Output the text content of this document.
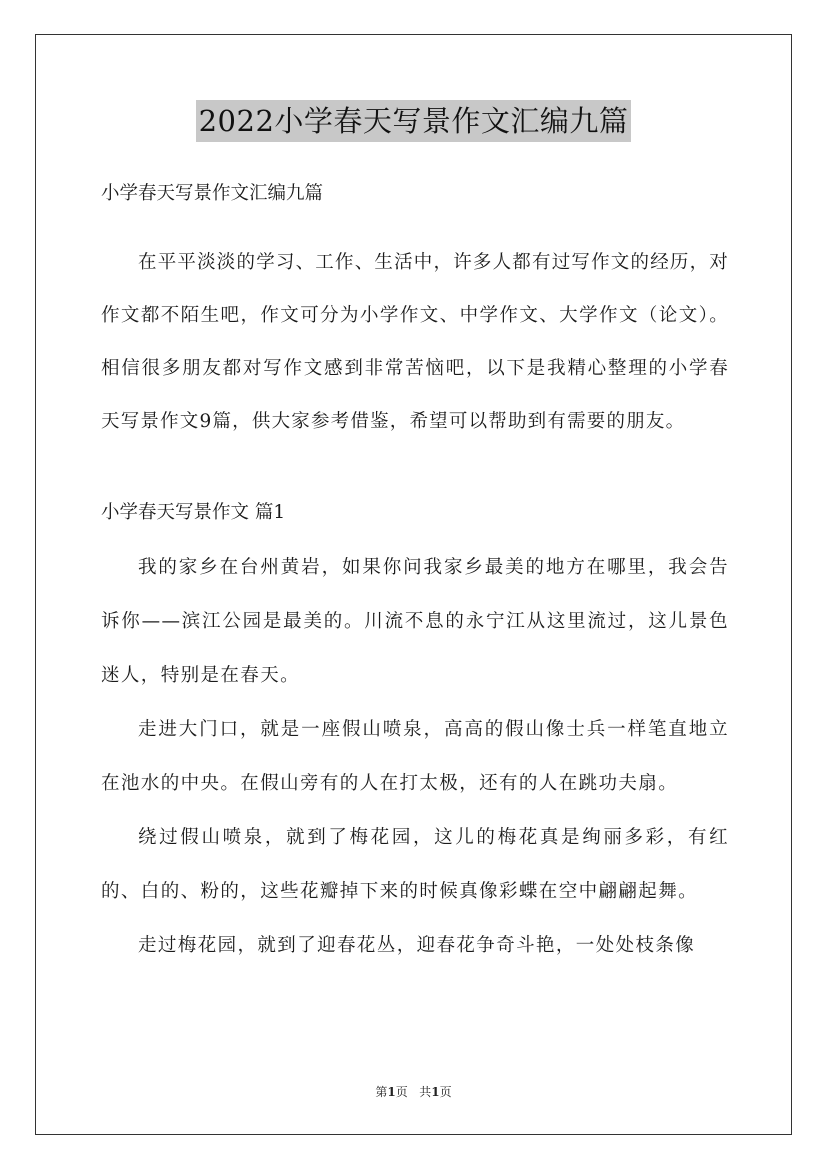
2022小学春天写景作文汇编九篇

小学春天写景作文汇编九篇

在平平淡淡的学习、工作、生活中，许多人都有过写作文的经历，对作文都不陌生吧，作文可分为小学作文、中学作文、大学作文（论文）。相信很多朋友都对写作文感到非常苦恼吧，以下是我精心整理的小学春天写景作文9篇，供大家参考借鉴，希望可以帮助到有需要的朋友。

小学春天写景作文 篇1

我的家乡在台州黄岩，如果你问我家乡最美的地方在哪里，我会告诉你——滨江公园是最美的。川流不息的永宁江从这里流过，这儿景色迷人，特别是在春天。

走进大门口，就是一座假山喷泉，高高的假山像士兵一样笔直地立在池水的中央。在假山旁有的人在打太极，还有的人在跳功夫扇。

绕过假山喷泉，就到了梅花园，这儿的梅花真是绚丽多彩，有红的、白的、粉的，这些花瓣掉下来的时候真像彩蝶在空中翩翩起舞。

走过梅花园，就到了迎春花丛，迎春花争奇斗艳，一处处枝条像

第1页 共1页
